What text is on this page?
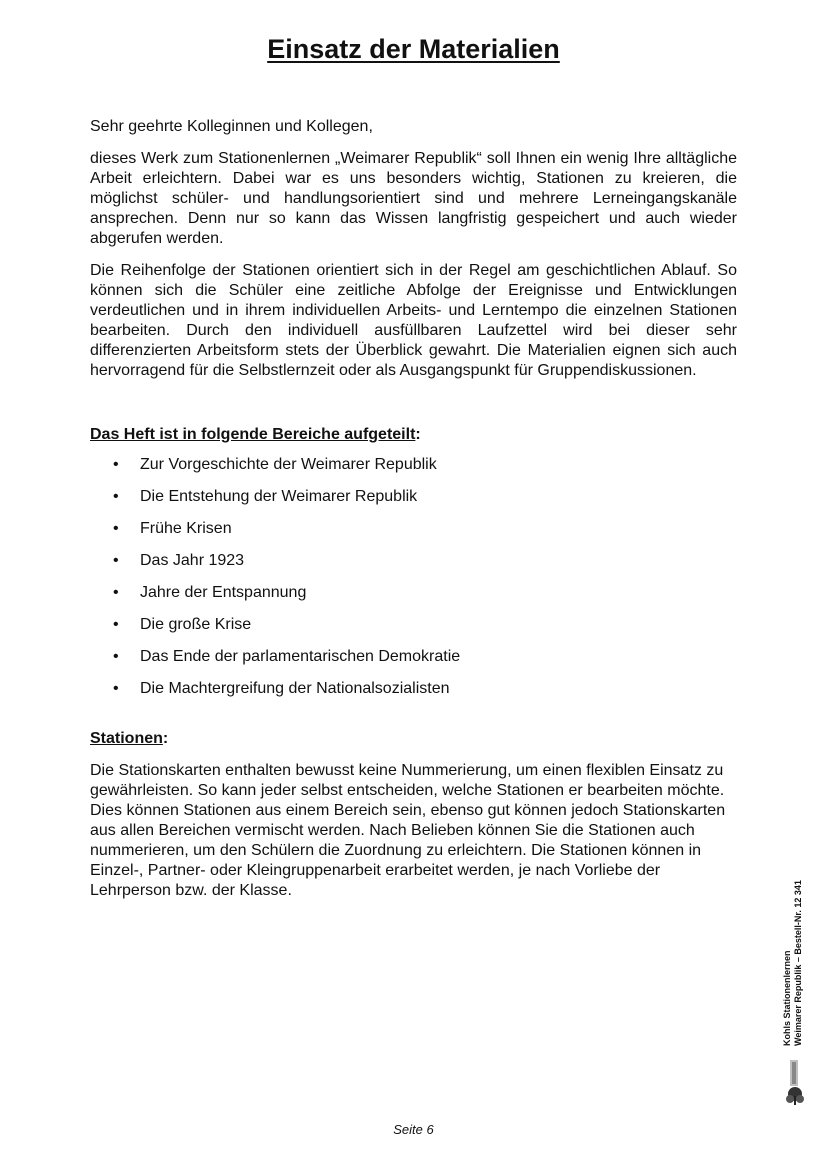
Einsatz der Materialien

Sehr geehrte Kolleginnen und Kollegen,

dieses Werk zum Stationenlernen „Weimarer Republik“ soll Ihnen ein wenig Ihre alltägliche Arbeit erleichtern. Dabei war es uns besonders wichtig, Stationen zu kreieren, die möglichst schüler- und handlungsorientiert sind und mehrere Lerneingangskanäle ansprechen. Denn nur so kann das Wissen langfristig gespeichert und auch wieder abgerufen werden.

Die Reihenfolge der Stationen orientiert sich in der Regel am geschichtlichen Ablauf. So können sich die Schüler eine zeitliche Abfolge der Ereignisse und Entwicklungen verdeutlichen und in ihrem individuellen Arbeits- und Lerntempo die einzelnen Stationen bearbeiten. Durch den individuell ausfüllbaren Laufzettel wird bei dieser sehr differenzierten Arbeitsform stets der Überblick gewahrt. Die Materialien eignen sich auch hervorragend für die Selbstlernzeit oder als Ausgangspunkt für Gruppendiskussionen.

Das Heft ist in folgende Bereiche aufgeteilt:

• Zur Vorgeschichte der Weimarer Republik
• Die Entstehung der Weimarer Republik
• Frühe Krisen
• Das Jahr 1923
• Jahre der Entspannung
• Die große Krise
• Das Ende der parlamentarischen Demokratie
• Die Machtergreifung der Nationalsozialisten

Stationen:

Die Stationskarten enthalten bewusst keine Nummerierung, um einen flexiblen Einsatz zu gewährleisten. So kann jeder selbst entscheiden, welche Stationen er bearbeiten möchte. Dies können Stationen aus einem Bereich sein, ebenso gut können jedoch Stationskarten aus allen Bereichen vermischt werden. Nach Belieben können Sie die Stationen auch nummerieren, um den Schülern die Zuordnung zu erleichtern. Die Stationen können in Einzel-, Partner- oder Kleingruppenarbeit erarbeitet werden, je nach Vorliebe der Lehrperson bzw. der Klasse.

Kohls Stationenlernen Weimarer Republik – Bestell-Nr. 12 341
Seite 6
